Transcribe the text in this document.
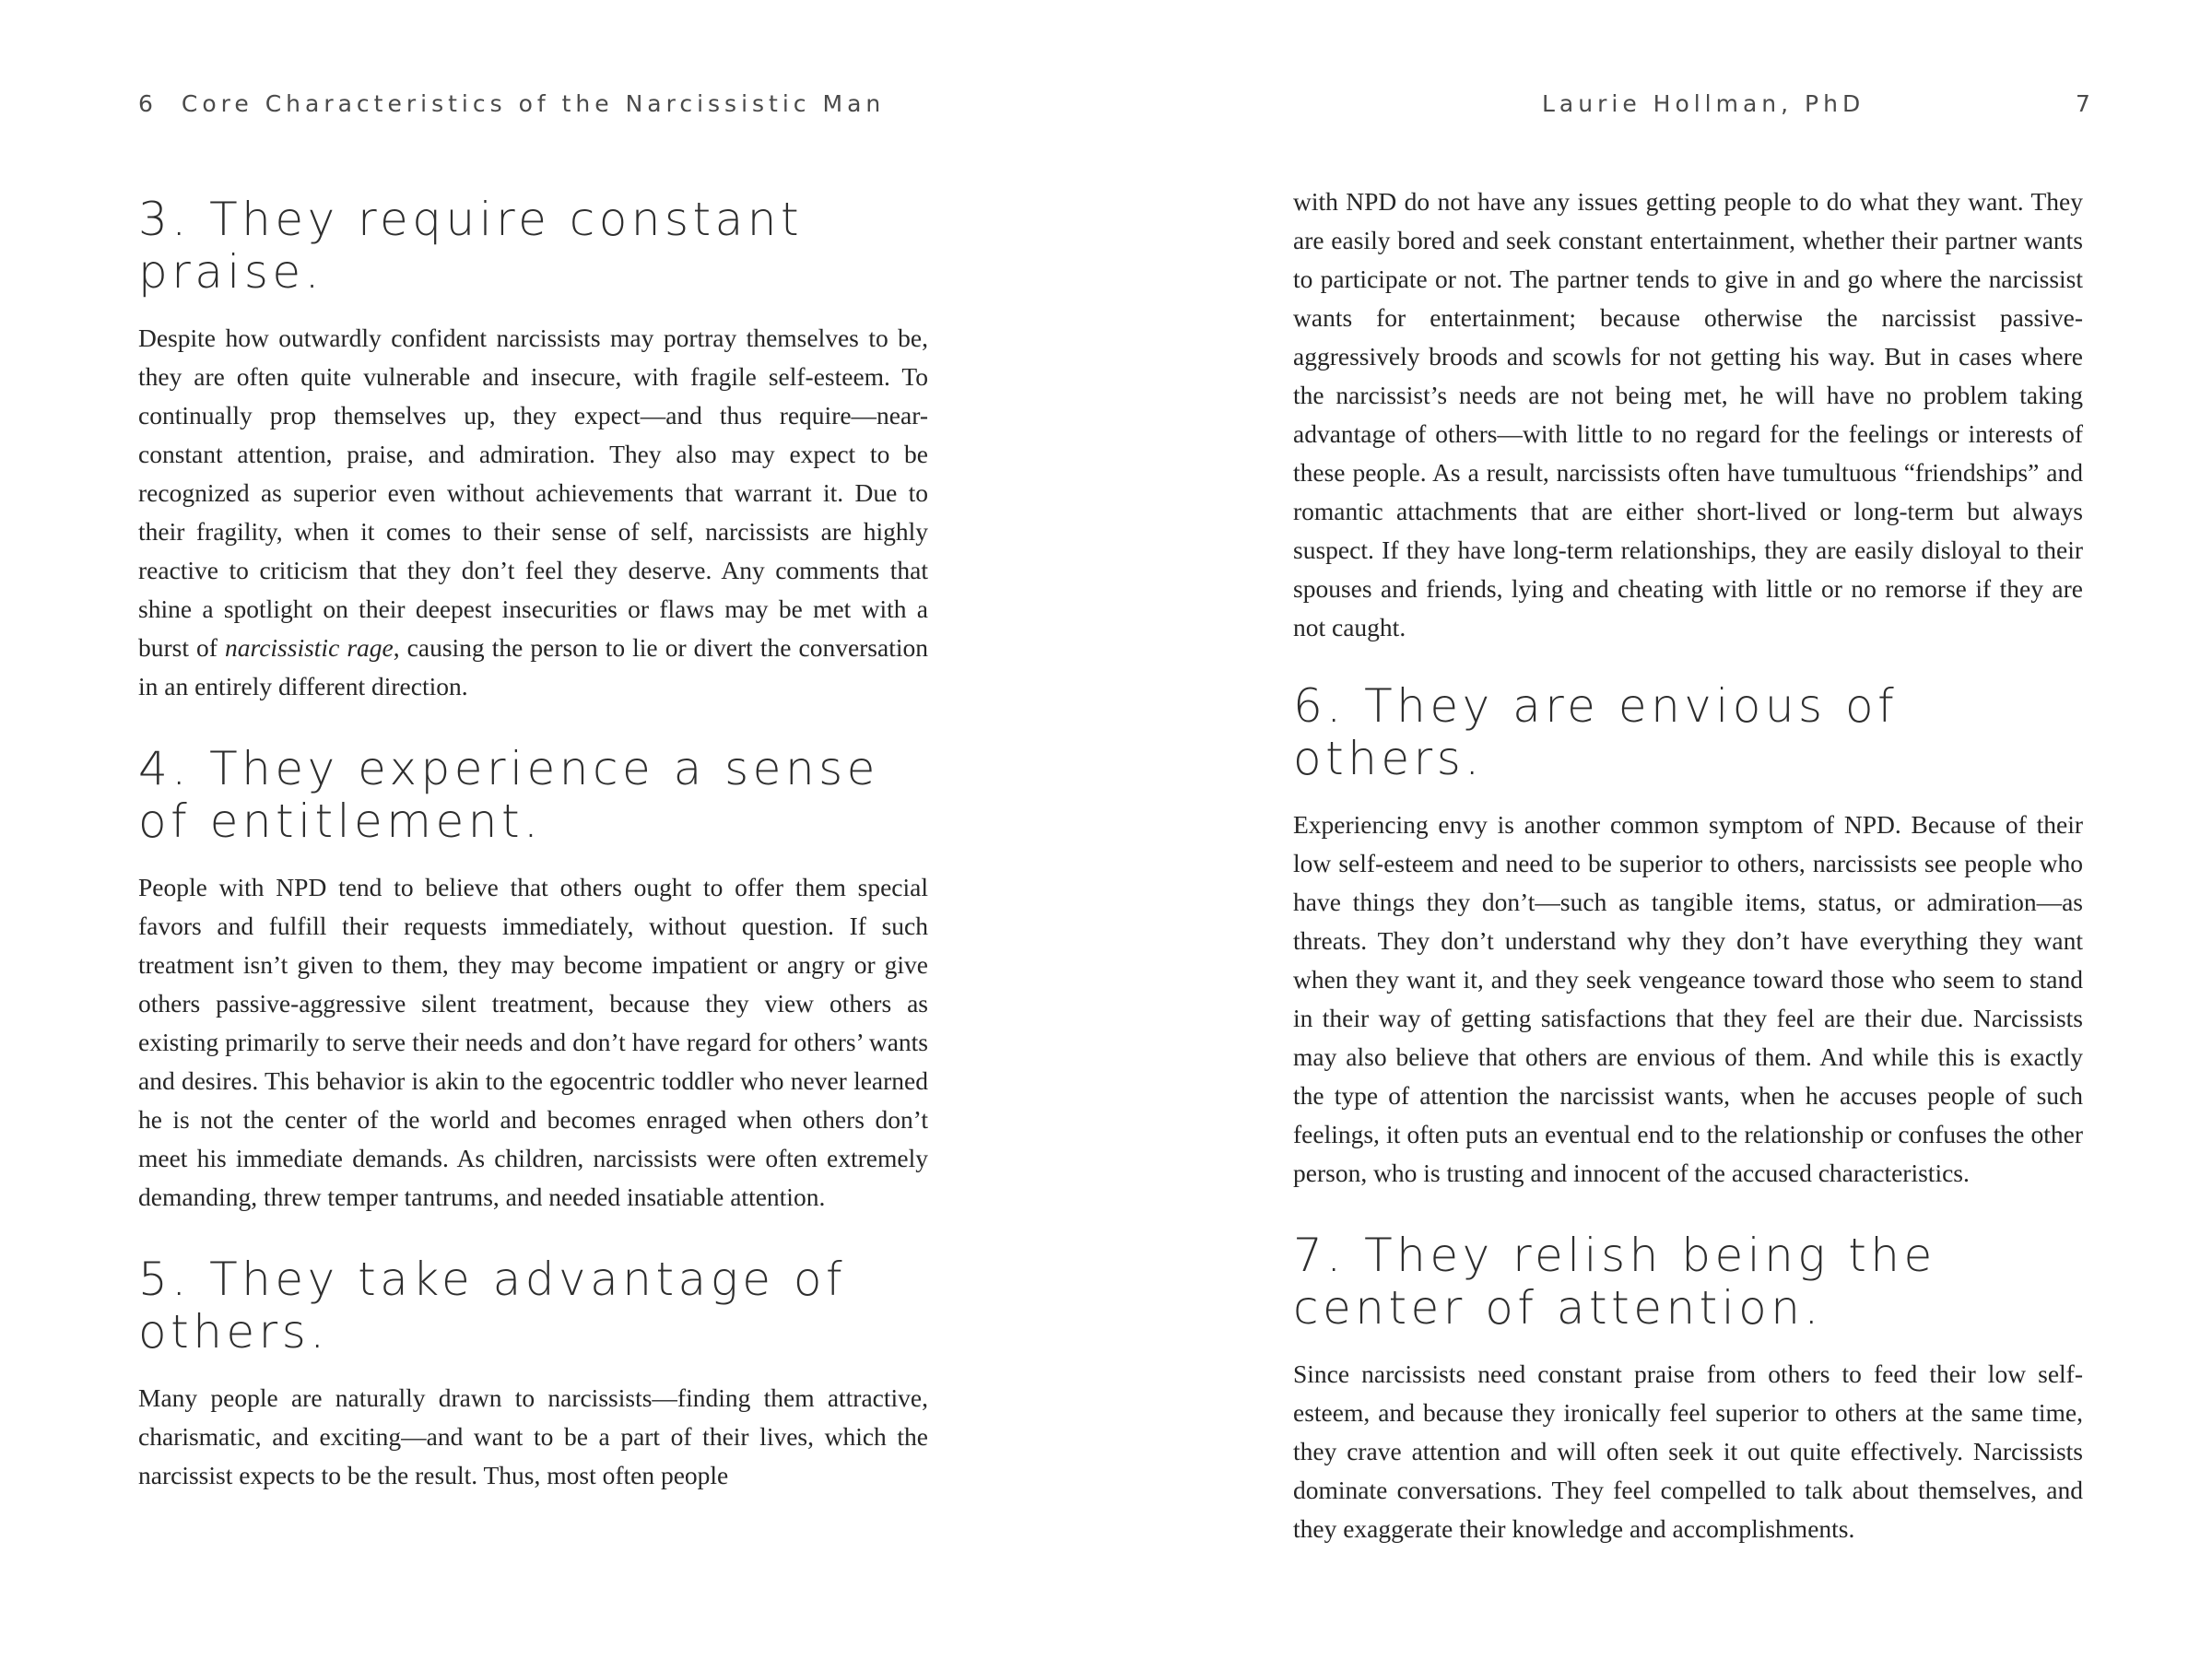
6 Core Characteristics of the Narcissistic Man
3. They require constant praise.

Despite how outwardly confident narcissists may portray themselves to be, they are often quite vulnerable and insecure, with fragile self-esteem. To continually prop themselves up, they expect—and thus require—near-constant attention, praise, and admiration. They also may expect to be recognized as superior even without achievements that warrant it. Due to their fragility, when it comes to their sense of self, narcissists are highly reactive to criticism that they don’t feel they deserve. Any comments that shine a spotlight on their deepest insecurities or flaws may be met with a burst of narcissistic rage, causing the person to lie or divert the conversation in an entirely different direction.

4. They experience a sense of entitlement.

People with NPD tend to believe that others ought to offer them special favors and fulfill their requests immediately, without question. If such treatment isn’t given to them, they may become impatient or angry or give others passive-aggressive silent treatment, because they view others as existing primarily to serve their needs and don’t have regard for others’ wants and desires. This behavior is akin to the egocentric toddler who never learned he is not the center of the world and becomes enraged when others don’t meet his immediate demands. As children, narcissists were often extremely demanding, threw temper tantrums, and needed insatiable attention.

5. They take advantage of others.

Many people are naturally drawn to narcissists—finding them attractive, charismatic, and exciting—and want to be a part of their lives, which the narcissist expects to be the result. Thus, most often people

Laurie Hollman, PhD	7

with NPD do not have any issues getting people to do what they want. They are easily bored and seek constant entertainment, whether their partner wants to participate or not. The partner tends to give in and go where the narcissist wants for entertainment; because otherwise the narcissist passive-aggressively broods and scowls for not getting his way. But in cases where the narcissist’s needs are not being met, he will have no problem taking advantage of others—with little to no regard for the feelings or interests of these people. As a result, narcissists often have tumultuous “friendships” and romantic attachments that are either short-lived or long-term but always suspect. If they have long-term relationships, they are easily disloyal to their spouses and friends, lying and cheating with little or no remorse if they are not caught.

6. They are envious of others.

Experiencing envy is another common symptom of NPD. Because of their low self-esteem and need to be superior to others, narcissists see people who have things they don’t—such as tangible items, status, or admiration—as threats. They don’t understand why they don’t have everything they want when they want it, and they seek vengeance toward those who seem to stand in their way of getting satisfactions that they feel are their due. Narcissists may also believe that others are envious of them. And while this is exactly the type of attention the narcissist wants, when he accuses people of such feelings, it often puts an eventual end to the relationship or confuses the other person, who is trusting and innocent of the accused characteristics.

7. They relish being the center of attention.

Since narcissists need constant praise from others to feed their low self-esteem, and because they ironically feel superior to others at the same time, they crave attention and will often seek it out quite effectively. Narcissists dominate conversations. They feel compelled to talk about themselves, and they exaggerate their knowledge and accomplishments.
